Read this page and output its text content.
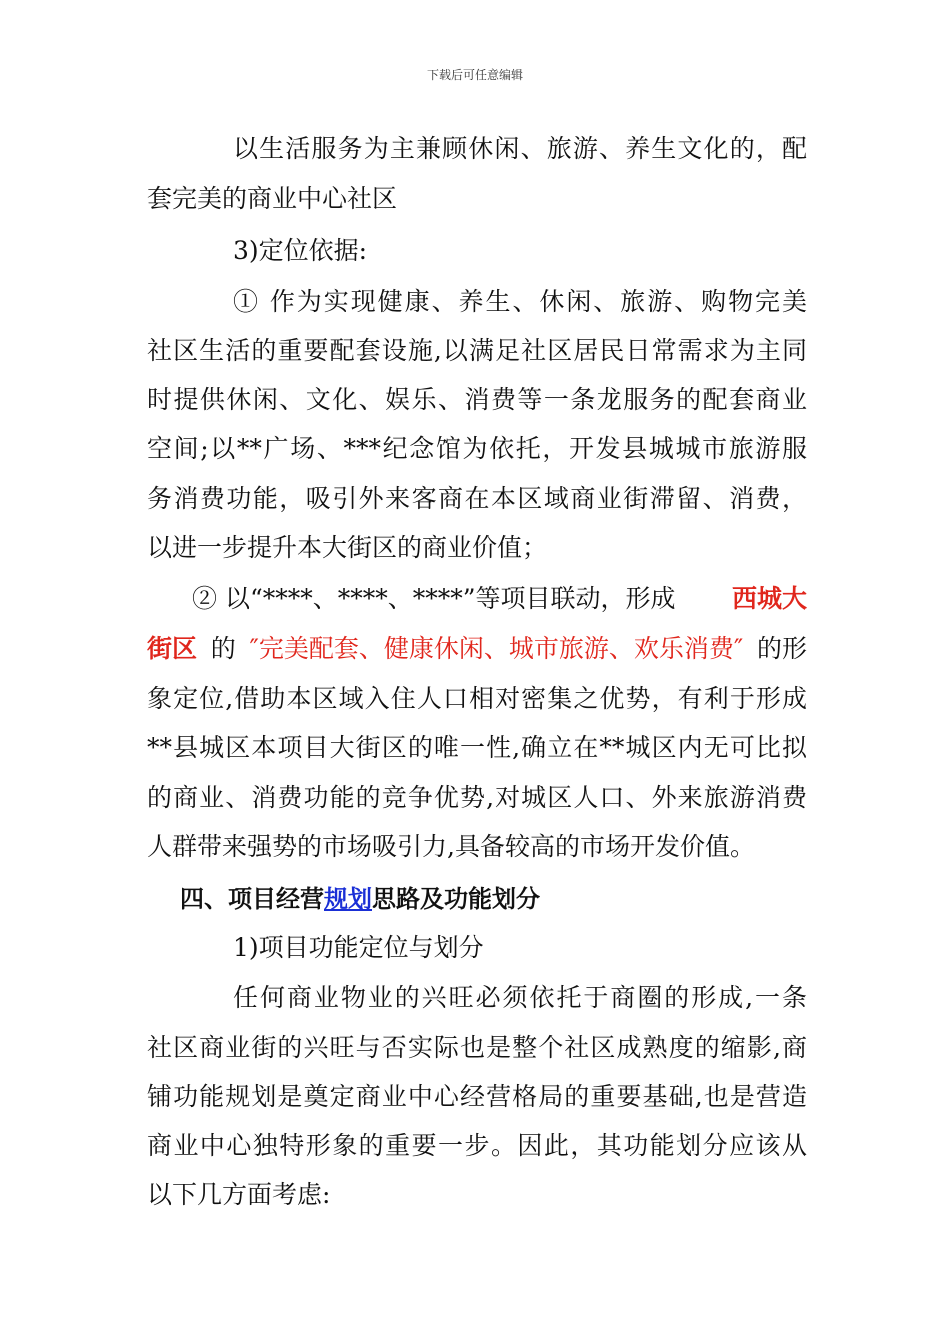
下载后可任意编辑
以生活服务为主兼顾休闲、旅游、养生文化的，配
套完美的商业中心社区
3)定位依据:
① 作为实现健康、养生、休闲、旅游、购物完美
社区生活的重要配套设施,以满足社区居民日常需求为主同
时提供休闲、文化、娱乐、消费等一条龙服务的配套商业
空间;以**广场、***纪念馆为依托，开发县城城市旅游服
务消费功能，吸引外来客商在本区域商业街滞留、消费，
以进一步提升本大街区的商业价值；
② 以“****、****、****”等项目联动，形成 西城大
街区 的 ″完美配套、健康休闲、城市旅游、欢乐消费″ 的形
象定位,借助本区域入住人口相对密集之优势，有利于形成
**县城区本项目大街区的唯一性,确立在**城区内无可比拟
的商业、消费功能的竞争优势,对城区人口、外来旅游消费
人群带来强势的市场吸引力,具备较高的市场开发价值。
四、项目经营规划思路及功能划分
1)项目功能定位与划分
任何商业物业的兴旺必须依托于商圈的形成,一条
社区商业街的兴旺与否实际也是整个社区成熟度的缩影,商
铺功能规划是奠定商业中心经营格局的重要基础,也是营造
商业中心独特形象的重要一步。因此，其功能划分应该从
以下几方面考虑:
